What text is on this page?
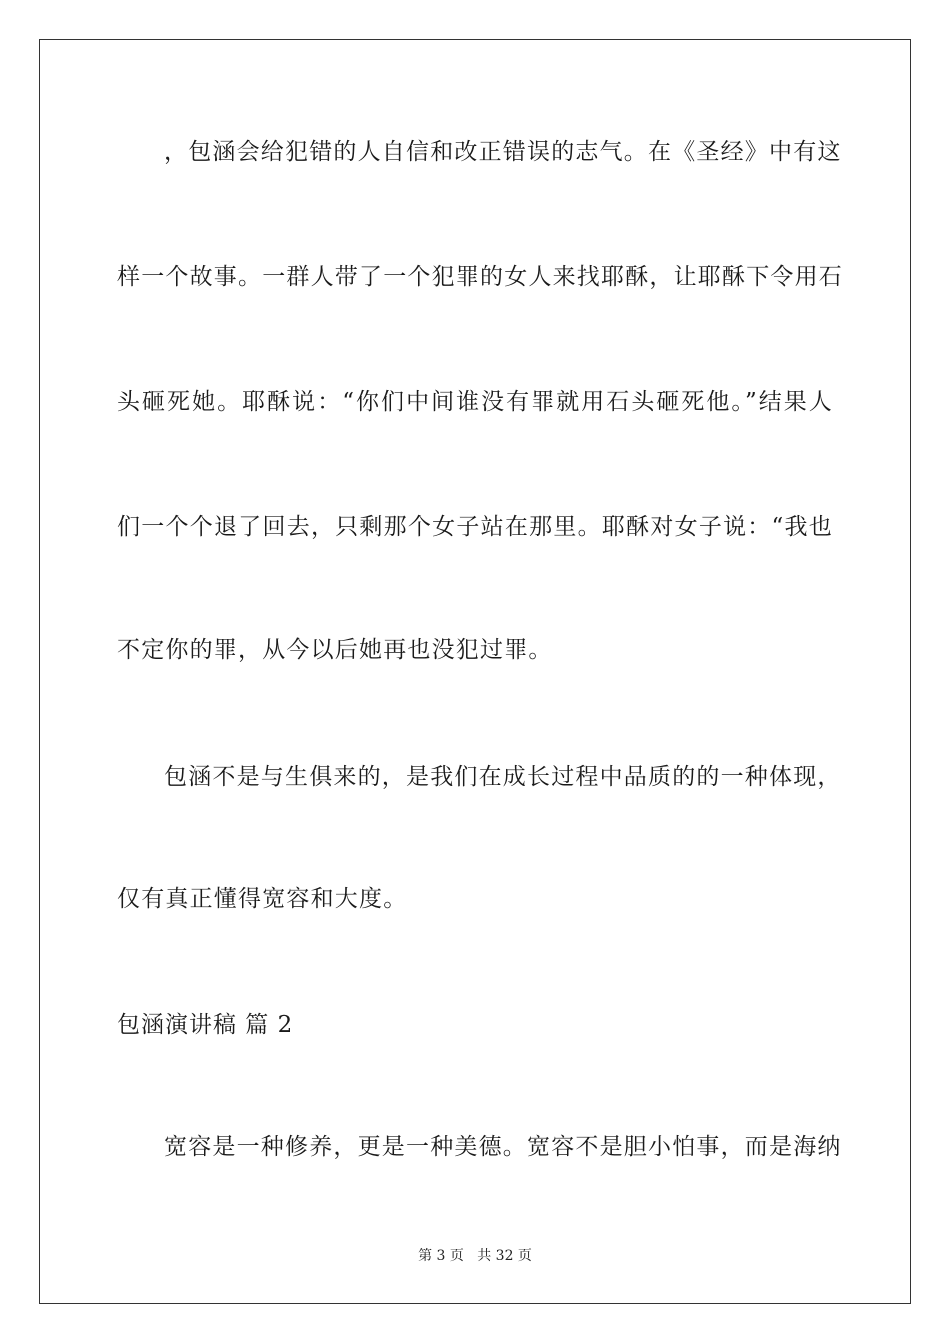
，包涵会给犯错的人自信和改正错误的志气。在《圣经》中有这
样一个故事。一群人带了一个犯罪的女人来找耶酥，让耶酥下令用石
头砸死她。耶酥说：“你们中间谁没有罪就用石头砸死他。”结果人
们一个个退了回去，只剩那个女子站在那里。耶酥对女子说：“我也
不定你的罪，从今以后她再也没犯过罪。
包涵不是与生俱来的，是我们在成长过程中品质的的一种体现，
仅有真正懂得宽容和大度。
包涵演讲稿 篇 2
宽容是一种修养，更是一种美德。宽容不是胆小怕事，而是海纳
第 3 页   共 32 页
